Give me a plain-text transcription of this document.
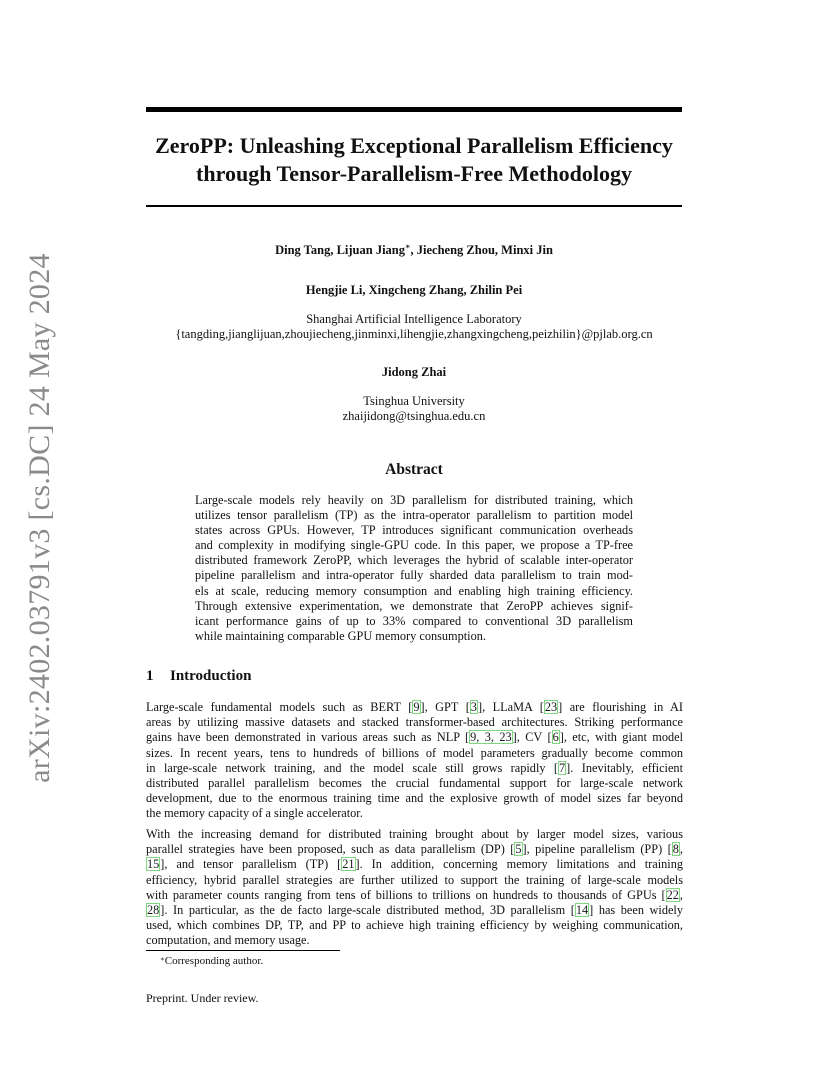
arXiv:2402.03791v3 [cs.DC] 24 May 2024
ZeroPP: Unleashing Exceptional Parallelism Efficiency
through Tensor-Parallelism-Free Methodology
Ding Tang, Lijuan Jiang∗, Jiecheng Zhou, Minxi Jin
Hengjie Li, Xingcheng Zhang, Zhilin Pei
Shanghai Artificial Intelligence Laboratory
{tangding,jianglijuan,zhoujiecheng,jinminxi,lihengjie,zhangxingcheng,peizhilin}@pjlab.org.cn
Jidong Zhai
Tsinghua University
zhaijidong@tsinghua.edu.cn
Abstract
Large-scale models rely heavily on 3D parallelism for distributed training, which
utilizes tensor parallelism (TP) as the intra-operator parallelism to partition model
states across GPUs. However, TP introduces significant communication overheads
and complexity in modifying single-GPU code. In this paper, we propose a TP-free
distributed framework ZeroPP, which leverages the hybrid of scalable inter-operator
pipeline parallelism and intra-operator fully sharded data parallelism to train mod-
els at scale, reducing memory consumption and enabling high training efficiency.
Through extensive experimentation, we demonstrate that ZeroPP achieves signif-
icant performance gains of up to 33% compared to conventional 3D parallelism
while maintaining comparable GPU memory consumption.
1 Introduction
Large-scale fundamental models such as BERT [9], GPT [3], LLaMA [23] are flourishing in AI
areas by utilizing massive datasets and stacked transformer-based architectures. Striking performance
gains have been demonstrated in various areas such as NLP [9, 3, 23], CV [6], etc, with giant model
sizes. In recent years, tens to hundreds of billions of model parameters gradually become common
in large-scale network training, and the model scale still grows rapidly [7]. Inevitably, efficient
distributed parallel parallelism becomes the crucial fundamental support for large-scale network
development, due to the enormous training time and the explosive growth of model sizes far beyond
the memory capacity of a single accelerator.
With the increasing demand for distributed training brought about by larger model sizes, various
parallel strategies have been proposed, such as data parallelism (DP) [5], pipeline parallelism (PP) [8,
15], and tensor parallelism (TP) [21]. In addition, concerning memory limitations and training
efficiency, hybrid parallel strategies are further utilized to support the training of large-scale models
with parameter counts ranging from tens of billions to trillions on hundreds to thousands of GPUs [22,
28]. In particular, as the de facto large-scale distributed method, 3D parallelism [14] has been widely
used, which combines DP, TP, and PP to achieve high training efficiency by weighing communication,
computation, and memory usage.
∗Corresponding author.
Preprint. Under review.
